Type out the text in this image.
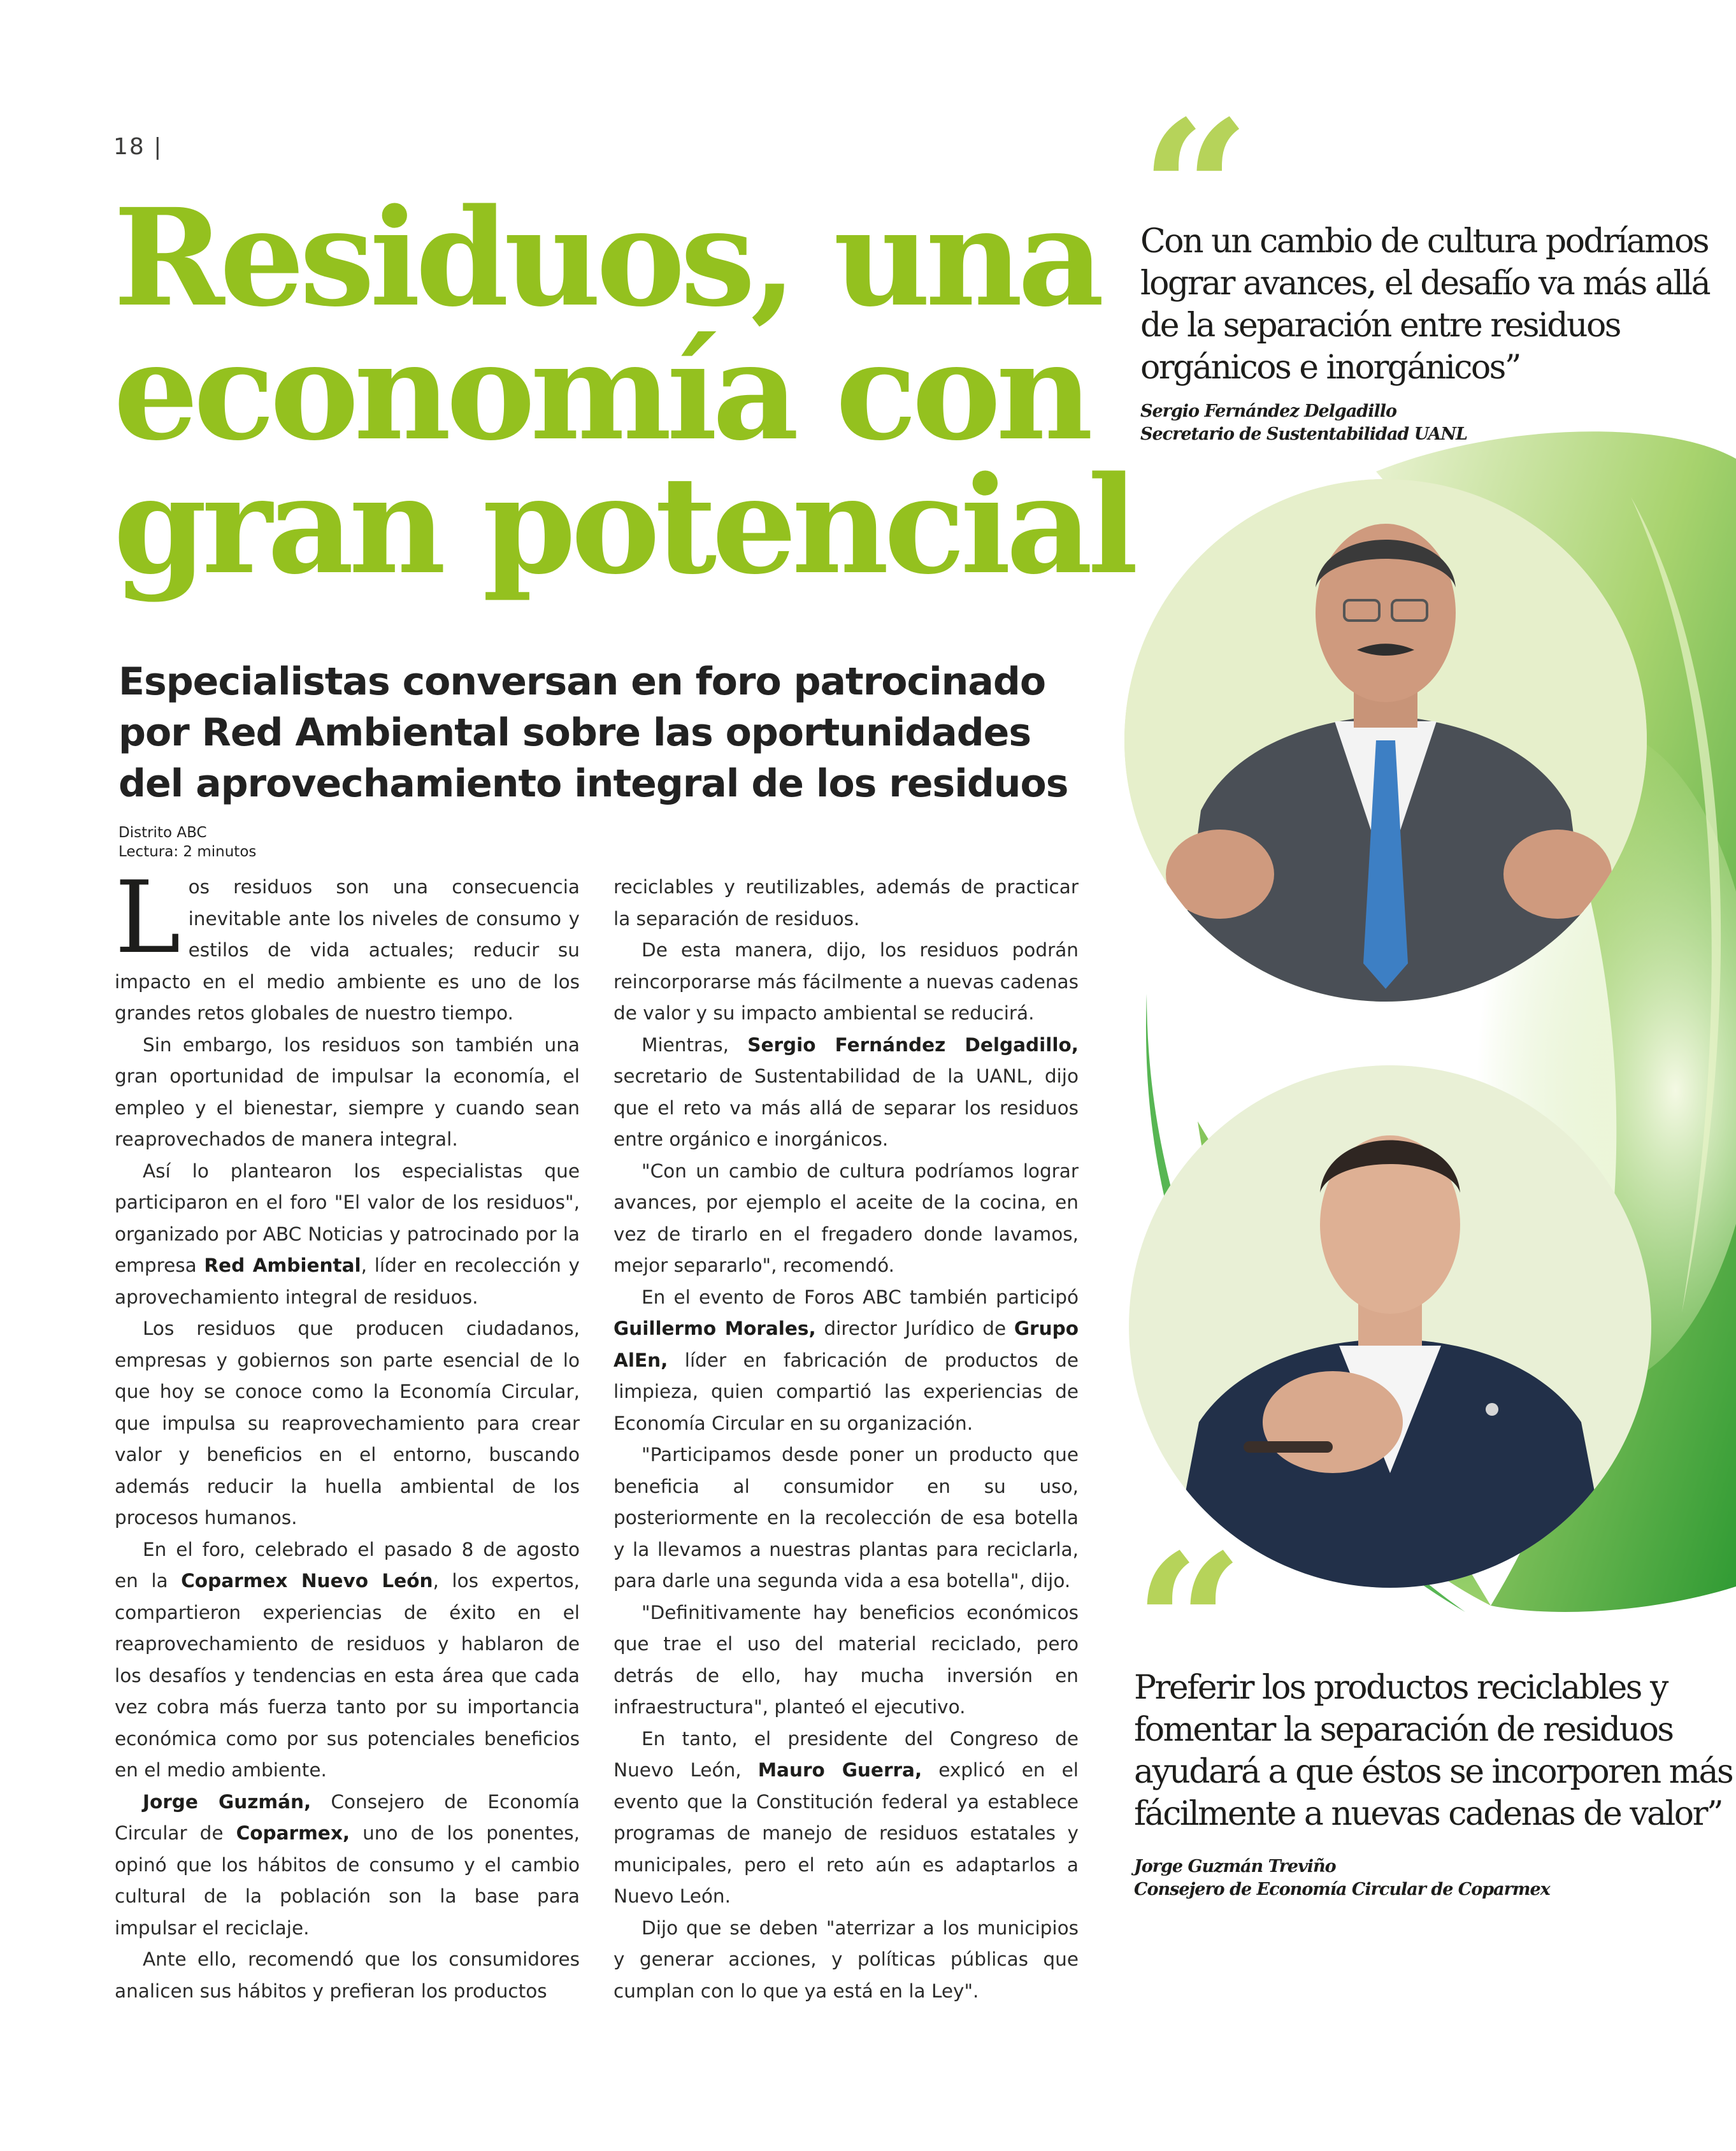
18 |
Residuos, una
economía con
gran potencial
Especialistas conversan en foro patrocinado
por Red Ambiental sobre las oportunidades
del aprovechamiento integral de los residuos
Distrito ABC
Lectura: 2 minutos

Los residuos son una consecuencia inevitable ante los niveles de consumo y estilos de vida actuales; reducir su impacto en el medio ambiente es uno de los grandes retos globales de nuestro tiempo.

Sin embargo, los residuos son también una gran oportunidad de impulsar la economía, el empleo y el bienestar, siempre y cuando sean reaprovechados de manera integral.

Así lo plantearon los especialistas que participaron en el foro "El valor de los residuos", organizado por ABC Noticias y patrocinado por la empresa Red Ambiental, líder en recolección y aprovechamiento integral de residuos.

Los residuos que producen ciudadanos, empresas y gobiernos son parte esencial de lo que hoy se conoce como la Economía Circular, que impulsa su reaprovechamiento para crear valor y beneficios en el entorno, buscando además reducir la huella ambiental de los procesos humanos.

En el foro, celebrado el pasado 8 de agosto en la Coparmex Nuevo León, los expertos, compartieron experiencias de éxito en el reaprovechamiento de residuos y hablaron de los desafíos y tendencias en esta área que cada vez cobra más fuerza tanto por su importancia económica como por sus potenciales beneficios en el medio ambiente.

Jorge Guzmán, Consejero de Economía Circular de Coparmex, uno de los ponentes, opinó que los hábitos de consumo y el cambio cultural de la población son la base para impulsar el reciclaje.

Ante ello, recomendó que los consumidores analicen sus hábitos y prefieran los productos

reciclables y reutilizables, además de practicar la separación de residuos.

De esta manera, dijo, los residuos podrán reincorporarse más fácilmente a nuevas cadenas de valor y su impacto ambiental se reducirá.

Mientras, Sergio Fernández Delgadillo, secretario de Sustentabilidad de la UANL, dijo que el reto va más allá de separar los residuos entre orgánico e inorgánicos.

"Con un cambio de cultura podríamos lograr avances, por ejemplo el aceite de la cocina, en vez de tirarlo en el fregadero donde lavamos, mejor separarlo", recomendó.

En el evento de Foros ABC también participó Guillermo Morales, director Jurídico de Grupo AlEn, líder en fabricación de productos de limpieza, quien compartió las experiencias de Economía Circular en su organización.

"Participamos desde poner un producto que beneficia al consumidor en su uso, posteriormente en la recolección de esa botella y la llevamos a nuestras plantas para reciclarla, para darle una segunda vida a esa botella", dijo.

"Definitivamente hay beneficios económicos que trae el uso del material reciclado, pero detrás de ello, hay mucha inversión en infraestructura", planteó el ejecutivo.

En tanto, el presidente del Congreso de Nuevo León, Mauro Guerra, explicó en el evento que la Constitución federal ya establece programas de manejo de residuos estatales y municipales, pero el reto aún es adaptarlos a Nuevo León.

Dijo que se deben "aterrizar a los municipios y generar acciones, y políticas públicas que cumplan con lo que ya está en la Ley".

“
Con un cambio de cultura podríamos
lograr avances, el desafío va más allá
de la separación entre residuos
orgánicos e inorgánicos”
Sergio Fernández Delgadillo
Secretario de Sustentabilidad UANL
“
Preferir los productos reciclables y
fomentar la separación de residuos
ayudará a que éstos se incorporen más
fácilmente a nuevas cadenas de valor”
Jorge Guzmán Treviño
Consejero de Economía Circular de Coparmex
